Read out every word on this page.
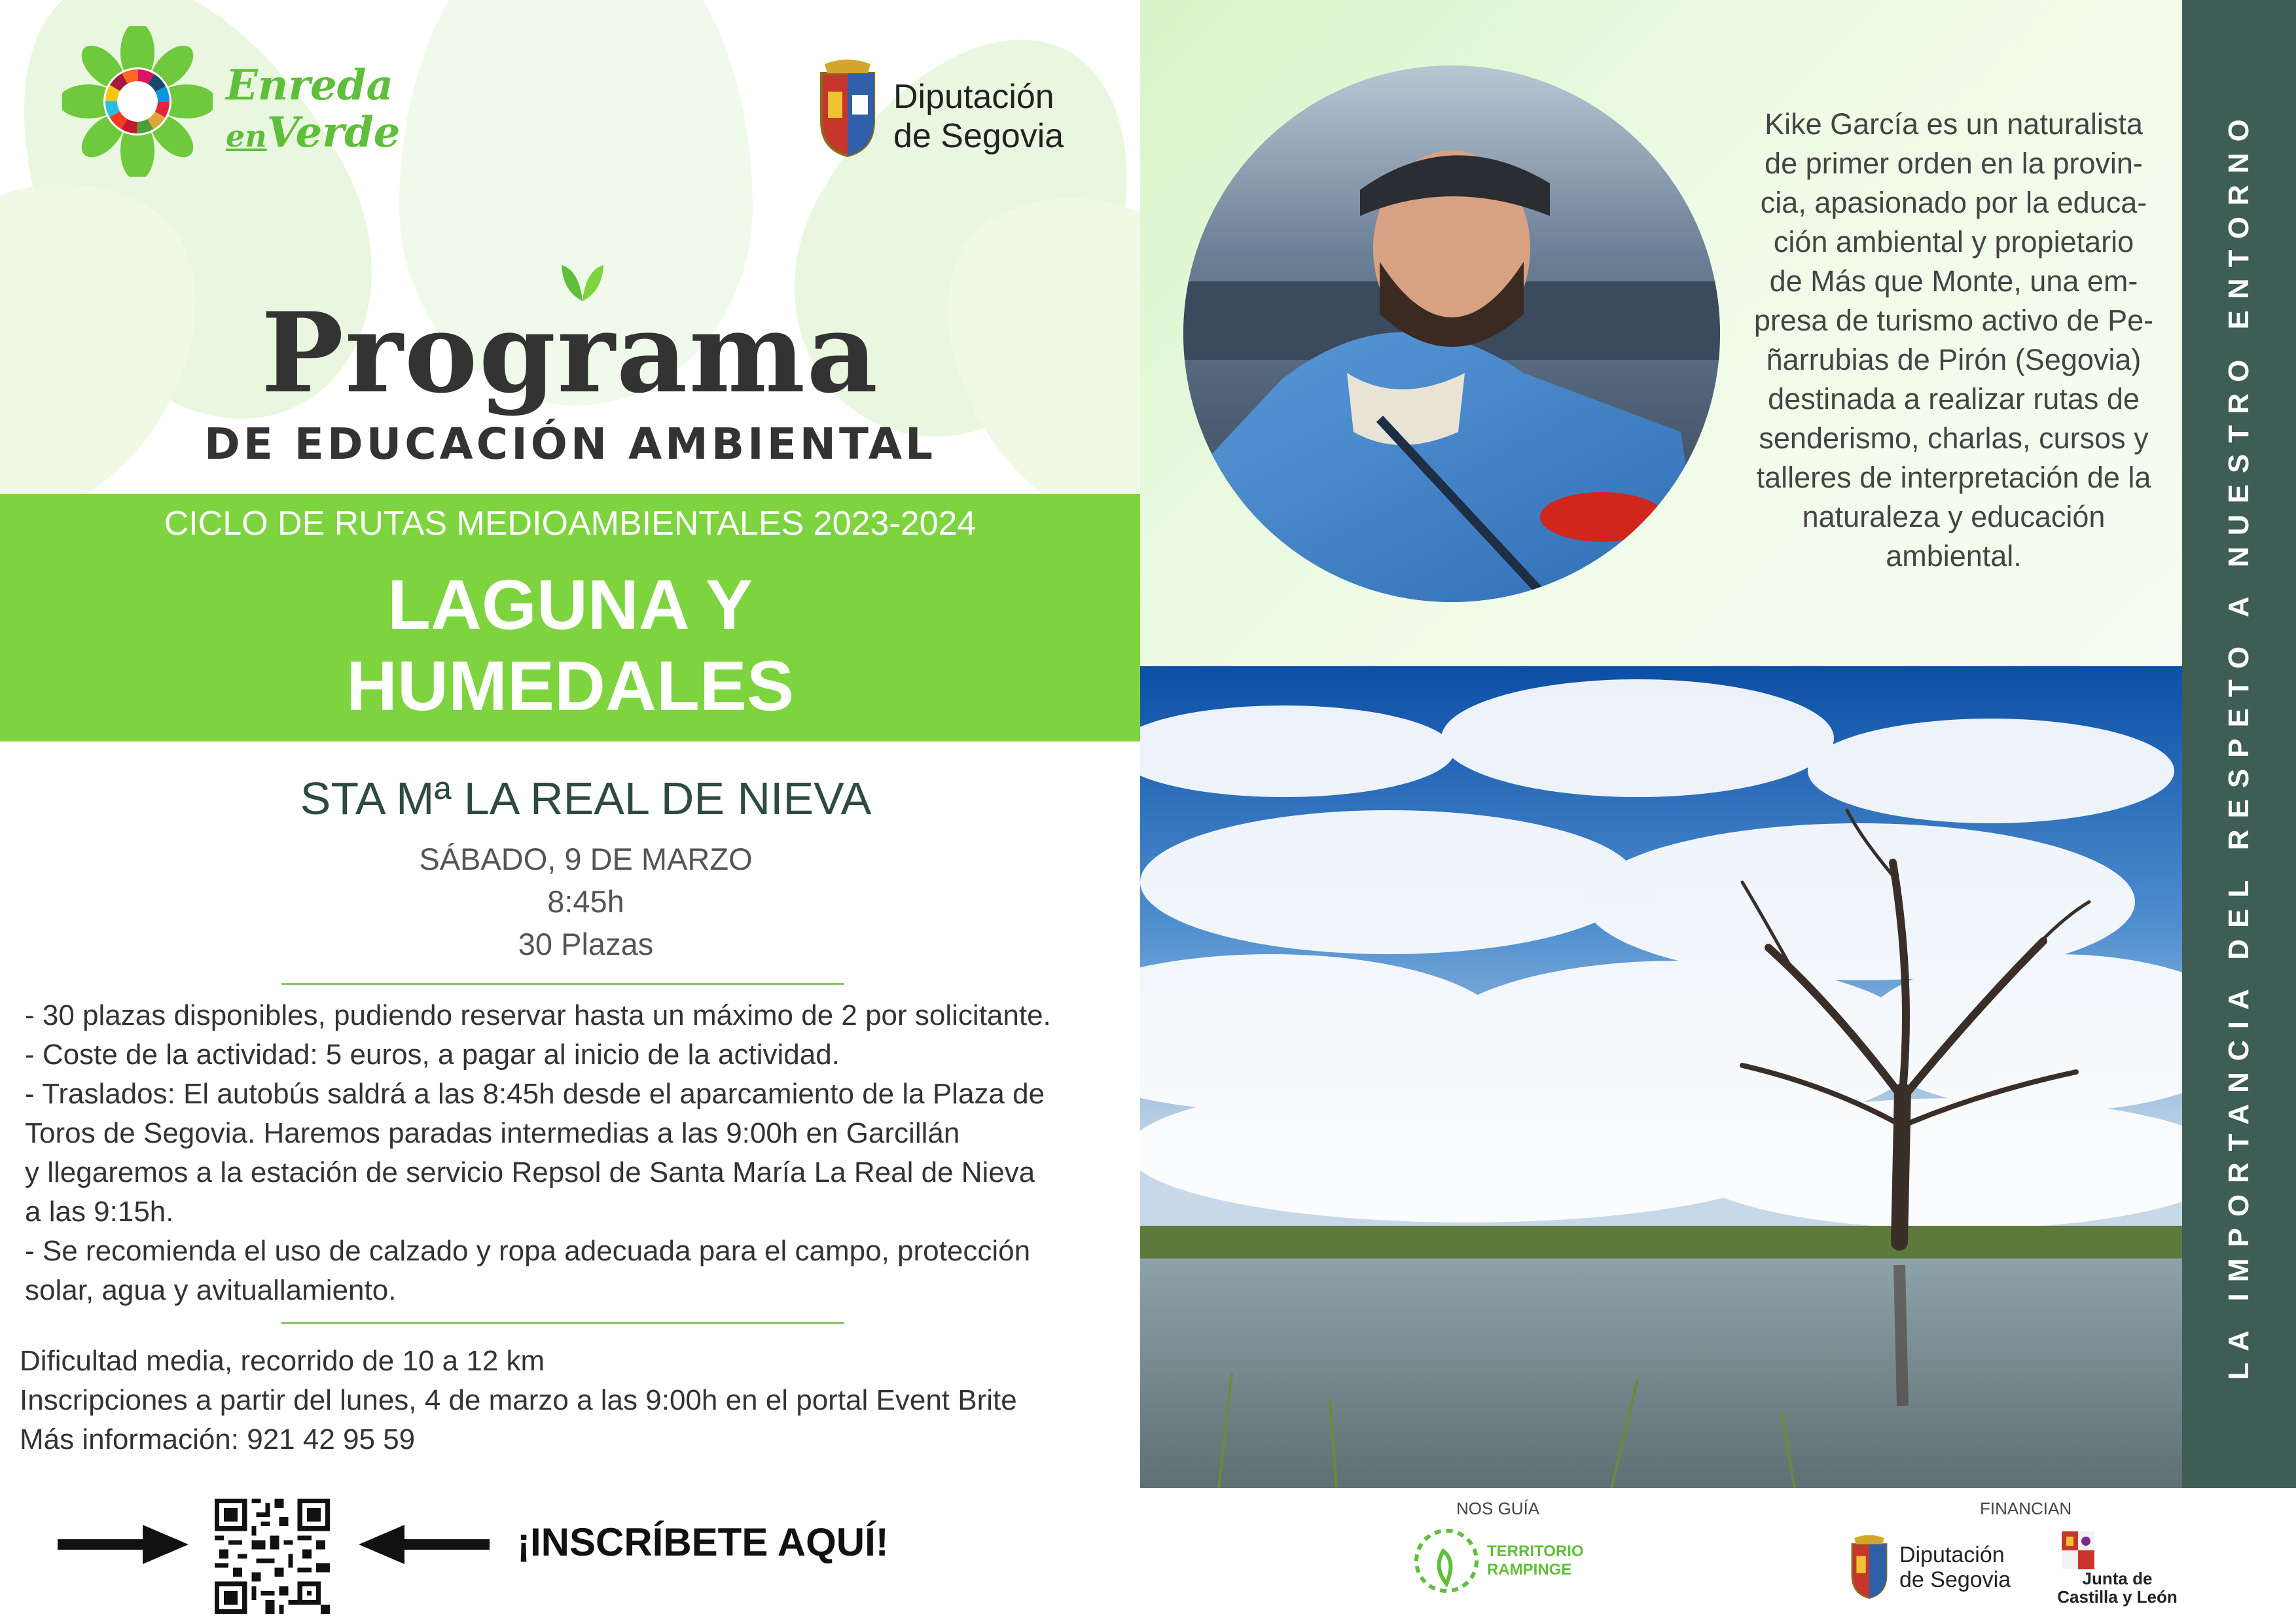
Enreda
enVerde
Diputación
de Segovia
Programa
DE EDUCACIÓN AMBIENTAL
CICLO DE RUTAS MEDIOAMBIENTALES 2023-2024
LAGUNA Y
HUMEDALES
STA Mª LA REAL DE NIEVA
SÁBADO, 9 DE MARZO
8:45h
30 Plazas
- 30 plazas disponibles, pudiendo reservar hasta un máximo de 2 por solicitante.
- Coste de la actividad: 5 euros, a pagar al inicio de la actividad.
- Traslados: El autobús saldrá a las 8:45h desde el aparcamiento de la Plaza de
Toros de Segovia. Haremos paradas intermedias a las 9:00h en Garcillán
y llegaremos a la estación de servicio Repsol de Santa María La Real de Nieva
a las 9:15h.
- Se recomienda el uso de calzado y ropa adecuada para el campo, protección
solar, agua y avituallamiento.
Dificultad media, recorrido de 10 a 12 km
Inscripciones a partir del lunes, 4 de marzo a las 9:00h en el portal Event Brite
Más información: 921 42 95 59
¡INSCRÍBETE AQUÍ!
Kike García es un naturalista
de primer orden en la provin-
cia, apasionado por la educa-
ción ambiental y propietario
de Más que Monte, una em-
presa de turismo activo de Pe-
ñarrubias de Pirón (Segovia)
destinada a realizar rutas de
senderismo, charlas, cursos y
talleres de interpretación de la
naturaleza y educación
ambiental.	LA IMPORTANCIA DEL RESPETO A NUESTRO ENTORNO
NOS GUÍA
TERRITORIO
RAMPINGE
FINANCIAN
Diputación
de Segovia	Junta de
Castilla y León
